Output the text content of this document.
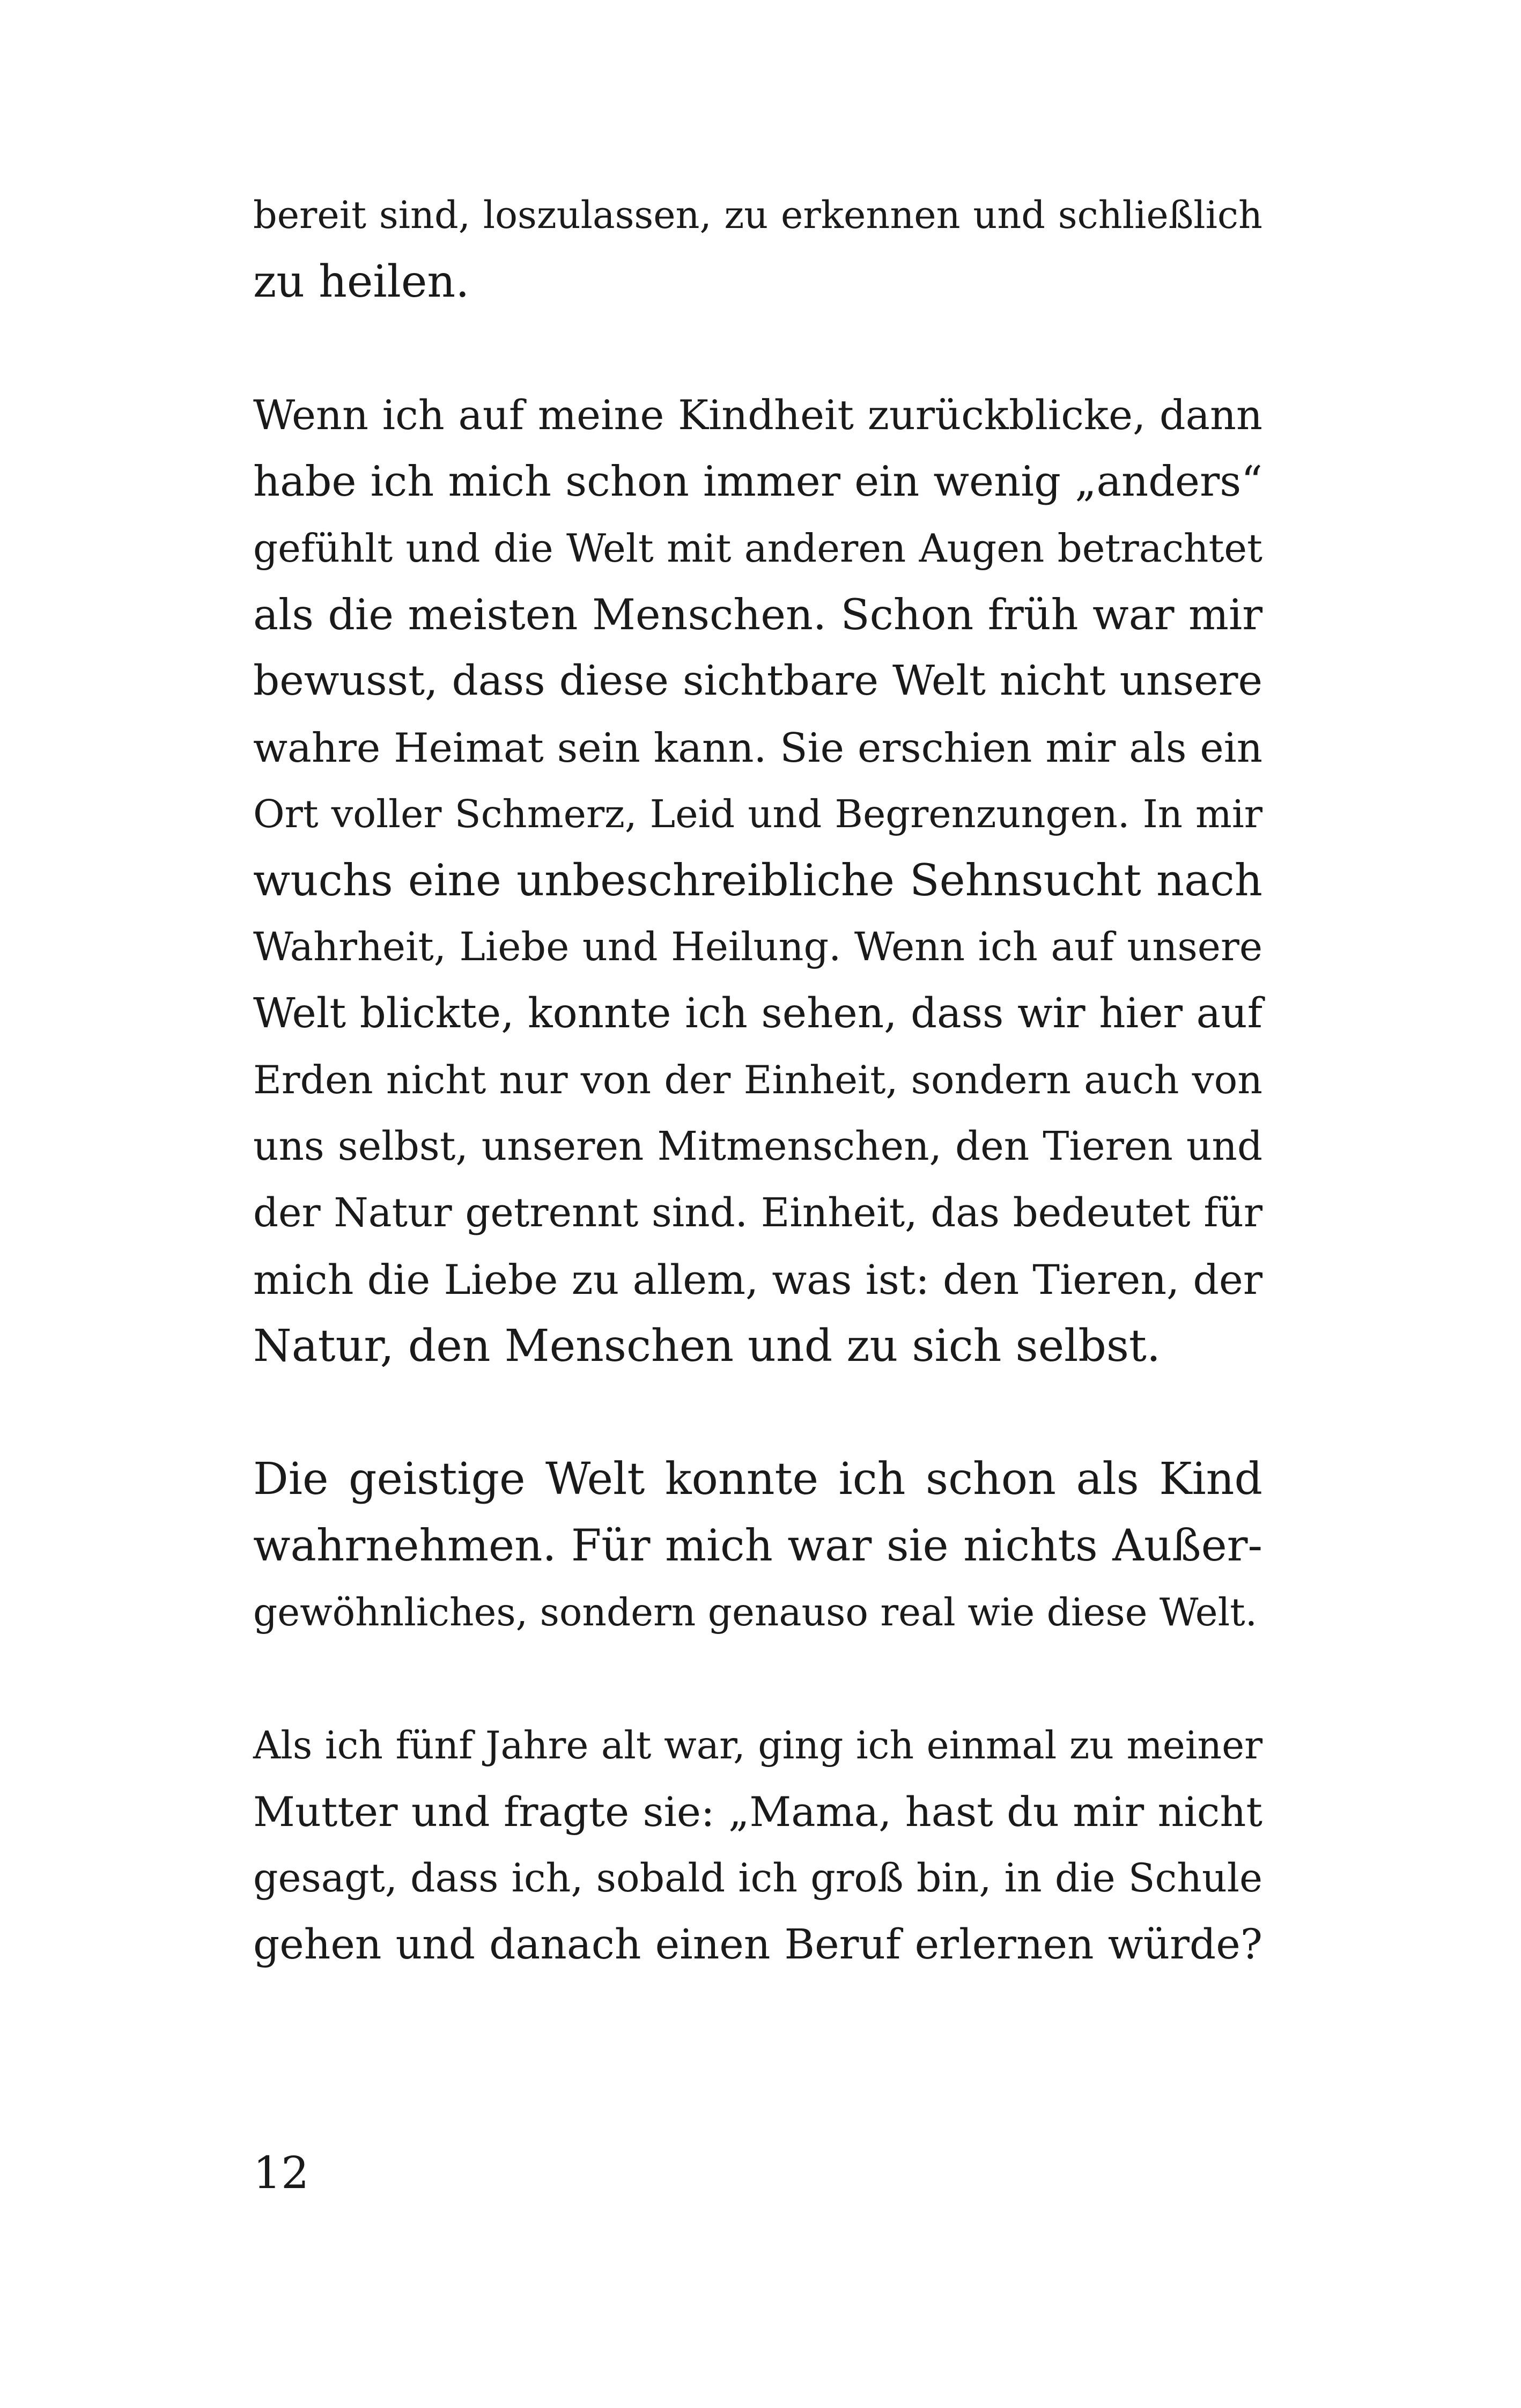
bereit sind, loszulassen, zu erkennen und schließlich
zu heilen.

Wenn ich auf meine Kindheit zurückblicke, dann
habe ich mich schon immer ein wenig „anders“
gefühlt und die Welt mit anderen Augen betrachtet
als die meisten Menschen. Schon früh war mir
bewusst, dass diese sichtbare Welt nicht unsere
wahre Heimat sein kann. Sie erschien mir als ein
Ort voller Schmerz, Leid und Begrenzungen. In mir
wuchs eine unbeschreibliche Sehnsucht nach
Wahrheit, Liebe und Heilung. Wenn ich auf unsere
Welt blickte, konnte ich sehen, dass wir hier auf
Erden nicht nur von der Einheit, sondern auch von
uns selbst, unseren Mitmenschen, den Tieren und
der Natur getrennt sind. Einheit, das bedeutet für
mich die Liebe zu allem, was ist: den Tieren, der
Natur, den Menschen und zu sich selbst.

Die geistige Welt konnte ich schon als Kind
wahrnehmen. Für mich war sie nichts Außer-
gewöhnliches, sondern genauso real wie diese Welt.

Als ich fünf Jahre alt war, ging ich einmal zu meiner
Mutter und fragte sie: „Mama, hast du mir nicht
gesagt, dass ich, sobald ich groß bin, in die Schule
gehen und danach einen Beruf erlernen würde?

12
